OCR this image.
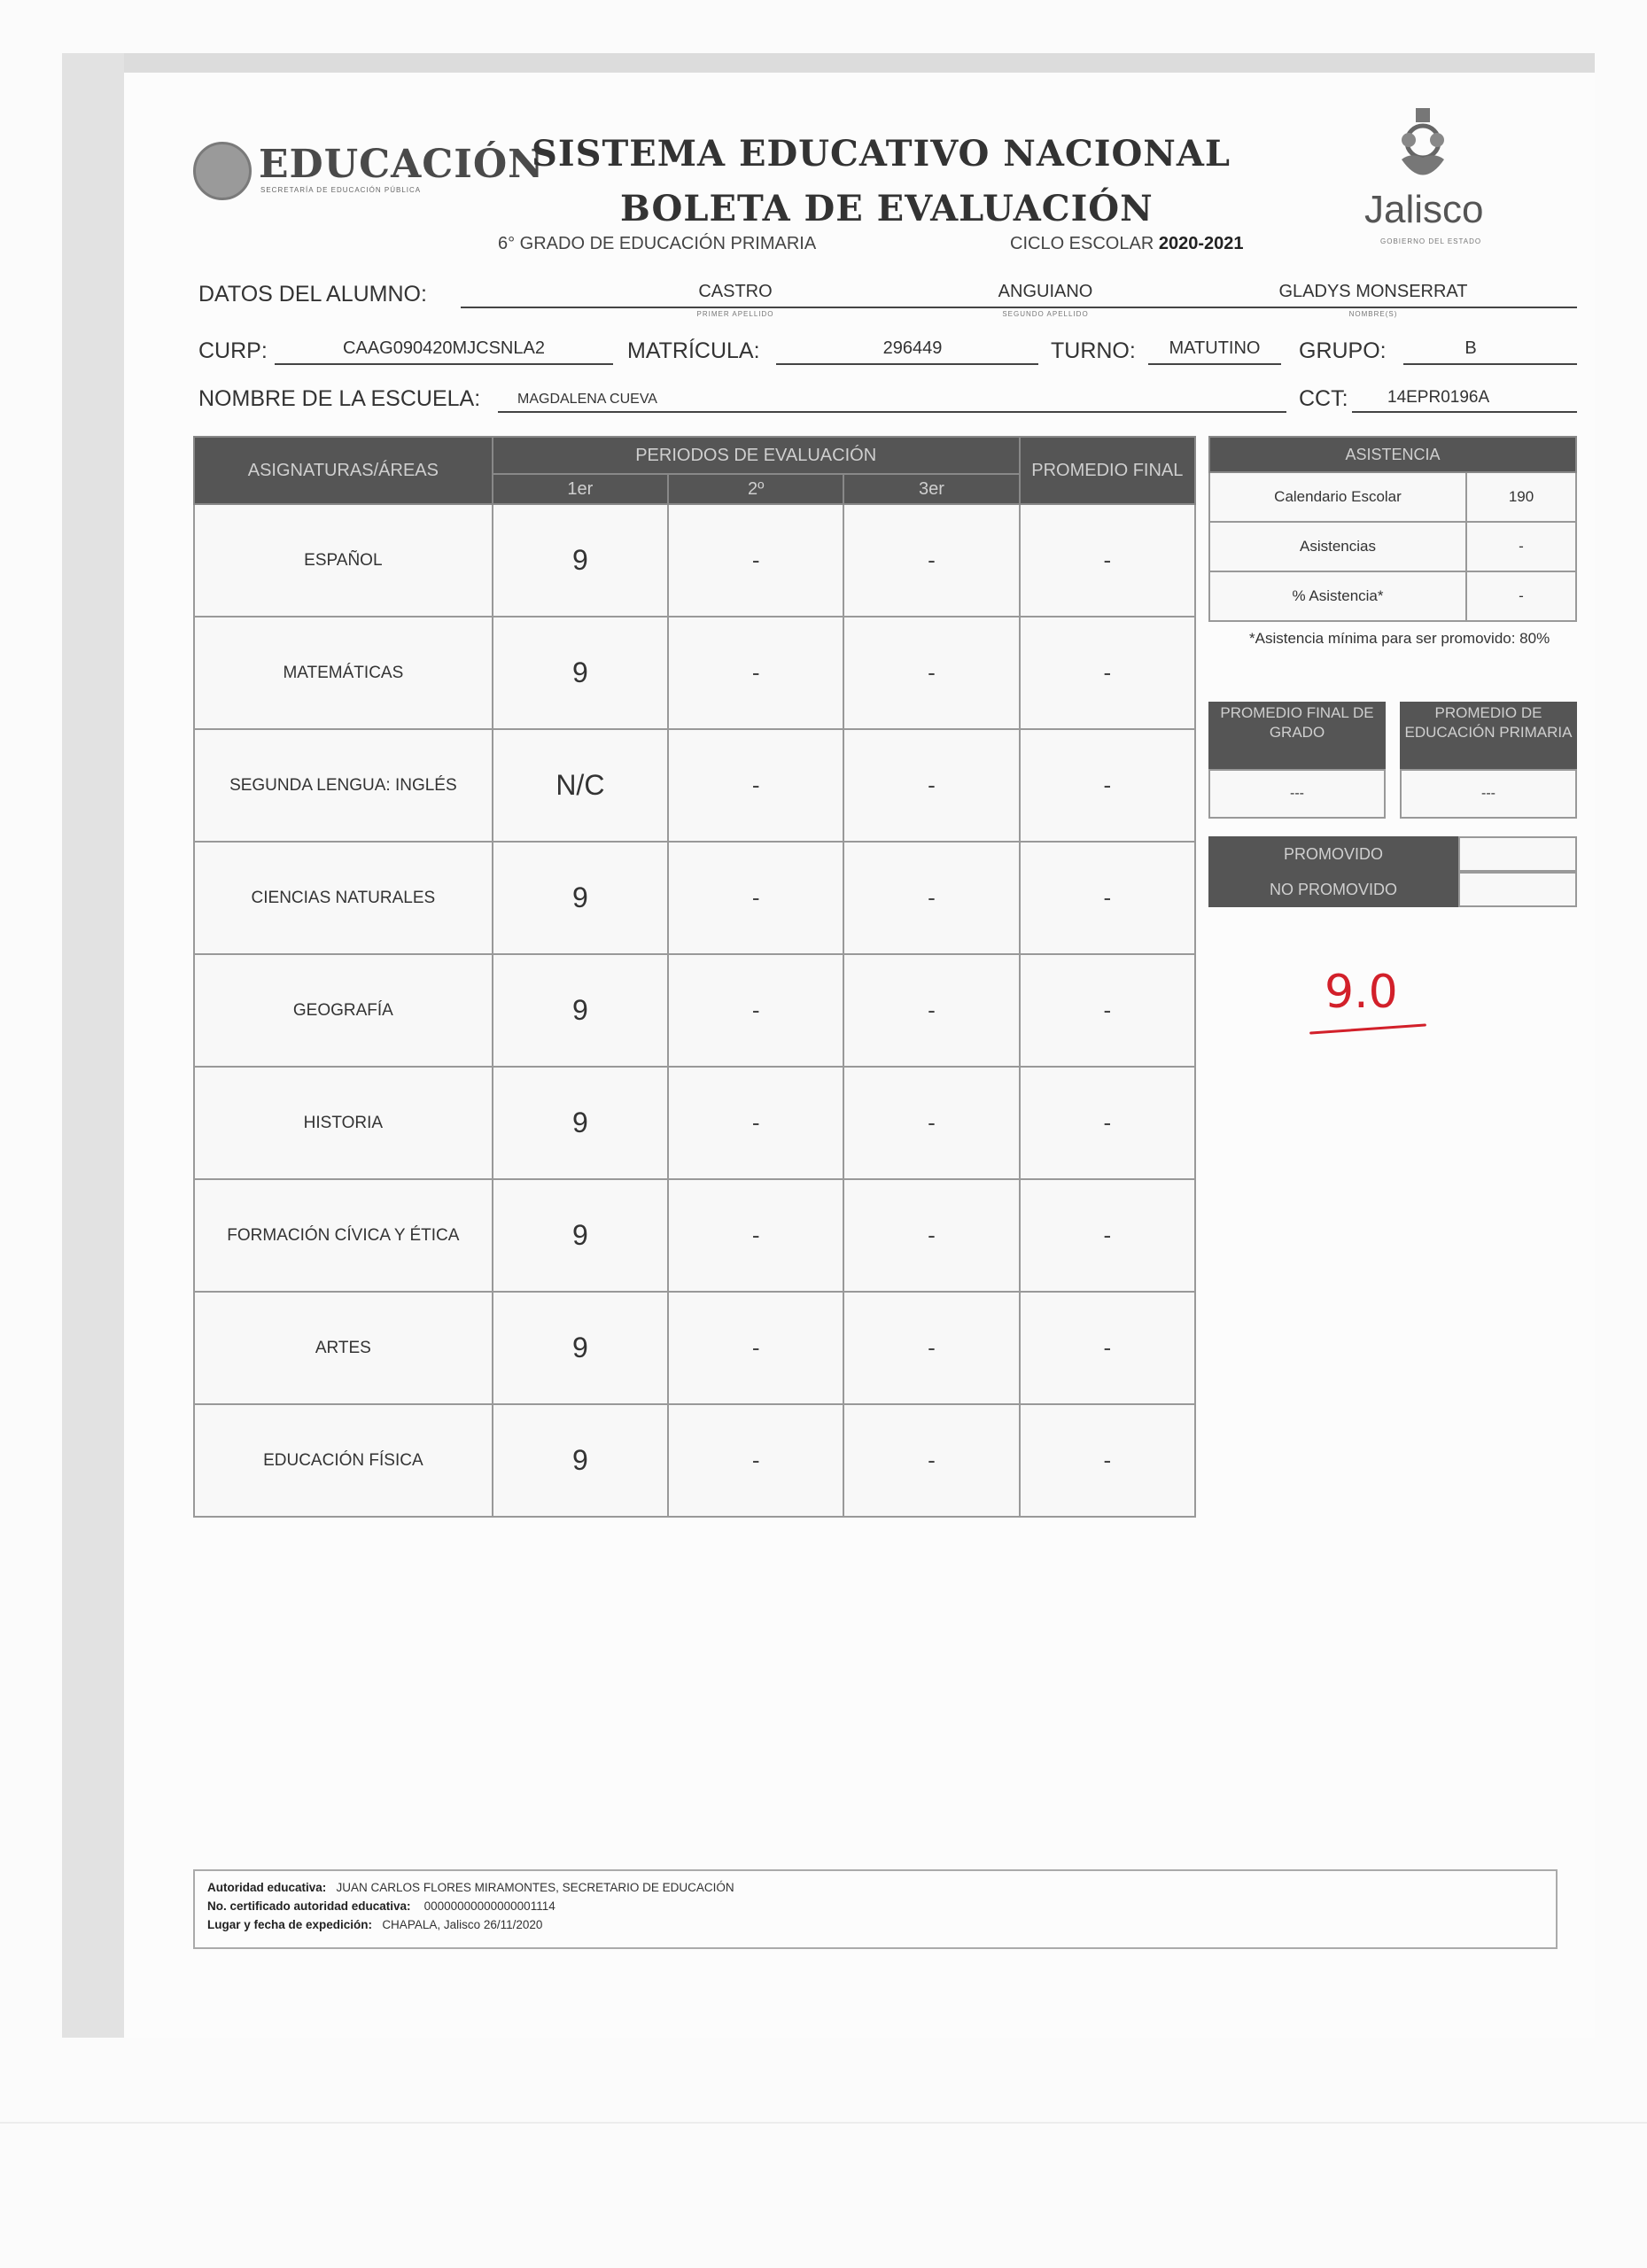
EDUCACIÓN
SECRETARÍA DE EDUCACIÓN PÚBLICA
SISTEMA EDUCATIVO NACIONAL
BOLETA DE EVALUACIÓN
6° GRADO DE EDUCACIÓN PRIMARIA	CICLO ESCOLAR 2020-2021
Jalisco
GOBIERNO DEL ESTADO
DATOS DEL ALUMNO:	CASTRO
PRIMER APELLIDO
ANGUIANO
SEGUNDO APELLIDO
GLADYS MONSERRAT
NOMBRE(S)
CURP:	CAAG090420MJCSNLA2	MATRÍCULA:	296449	TURNO:	MATUTINO	GRUPO:	B
NOMBRE DE LA ESCUELA:	MAGDALENA CUEVA	CCT: 14EPR0196A
ASIGNATURAS/ÁREAS	PERIODOS DE EVALUACIÓN			PROMEDIO FINAL
	1er	2º	3er	
ESPAÑOL	9	-	-	-
MATEMÁTICAS	9	-	-	-
SEGUNDA LENGUA: INGLÉS	N/C	-	-	-
CIENCIAS NATURALES	9	-	-	-
GEOGRAFÍA	9	-	-	-
HISTORIA	9	-	-	-
FORMACIÓN CÍVICA Y ÉTICA	9	-	-	-
ARTES	9	-	-	-
EDUCACIÓN FÍSICA	9	-	-	-
ASISTENCIA	
Calendario Escolar	190
Asistencias	-
% Asistencia*	-
*Asistencia mínima para ser promovido: 80%
PROMEDIO FINAL DE GRADO
---
PROMEDIO DE EDUCACIÓN PRIMARIA
---
PROMOVIDO
NO PROMOVIDO
9.0
Autoridad educativa: JUAN CARLOS FLORES MIRAMONTES, SECRETARIO DE EDUCACIÓN
No. certificado autoridad educativa: 00000000000000001114
Lugar y fecha de expedición: CHAPALA, Jalisco 26/11/2020
